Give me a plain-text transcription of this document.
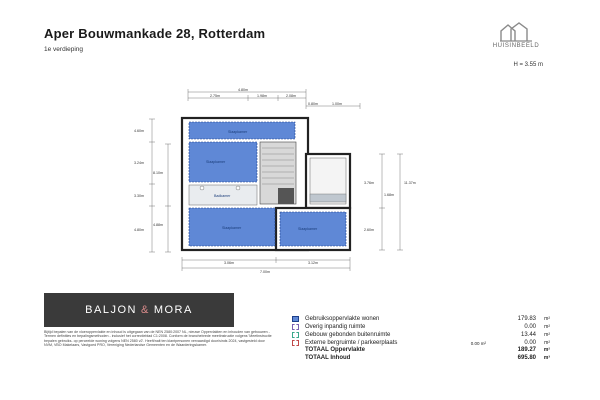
Aper Bouwmankade 28, Rotterdam
1e verdieping	HUISINBEELD
H = 3.55 m
4.80m
2.75m	1.98m	2.08m
0.80m	1.00m
4.60m
3.24m
3.30m
4.80m
8.10m
4.88m
Slaapkamer
Slaapkamer
Badkamer
Slaapkamer	Slaapkamer
3.06m	3.12m
7.00m
3.76m	11.37m
1.68m
2.60m
BALJON & MORA
Bijtijd bepalen van de vloeroppervlakte en inhoud is uitgegaan van de NEN 2580:2007 NL, nieuwe Oppervlakten en inhouden van gebouwen - Termen definities en bepalingsmethoden - inclusief het correctieblad C1:2008. Conform de branchebrede meetinstructie volgens 'Meetinstructie bepalen gebruiks- op perceelde woning volgens NEN 2580 v2'. Heeft/nalt ten klantpersonen vervaardigd door/sinds 2024, vastgesteld door NVM, VBO Makelaars, Vastgoed PRO, Vereniging Nederlandse Gemeenten en de Waarderingskamer.
Gebruiksoppervlakte wonen	179.83	m²
Overig inpandig ruimte	0.00	m²
Gebouw gebonden buitenruimte	13.44	m²
Externe bergruimte / parkeerplaats	0.00 m²	0.00	m²
TOTAAL Oppervlakte	189.27	m²
TOTAAL Inhoud	695.80	m³
